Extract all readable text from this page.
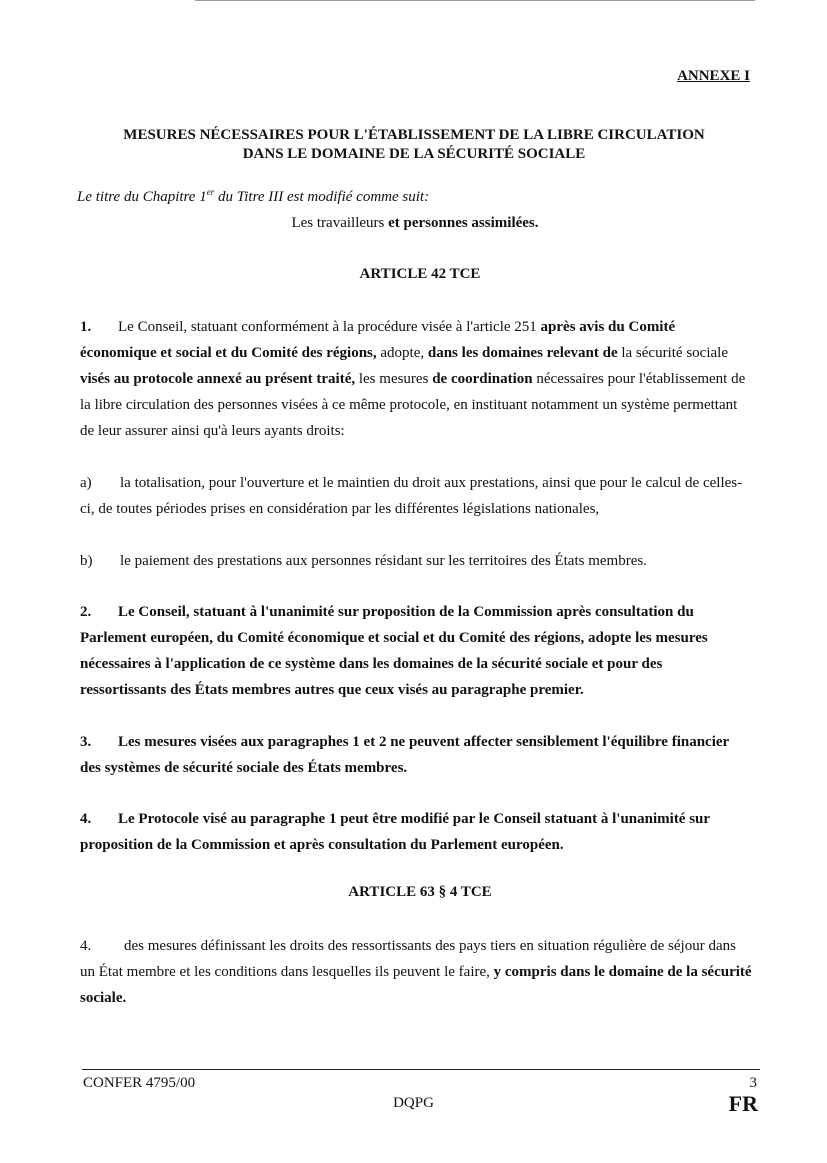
ANNEXE I
MESURES NÉCESSAIRES POUR L'ÉTABLISSEMENT DE LA LIBRE CIRCULATION
DANS LE DOMAINE DE LA SÉCURITÉ SOCIALE
Le titre du Chapitre 1er du Titre III est modifié comme suit:
Les travailleurs et personnes assimilées.
ARTICLE 42 TCE
1. Le Conseil, statuant conformément à la procédure visée à l'article 251 après avis du Comité économique et social et du Comité des régions, adopte, dans les domaines relevant de la sécurité sociale visés au protocole annexé au présent traité, les mesures de coordination nécessaires pour l'établissement de la libre circulation des personnes visées à ce même protocole, en instituant notamment un système permettant de leur assurer ainsi qu'à leurs ayants droits:
a) la totalisation, pour l'ouverture et le maintien du droit aux prestations, ainsi que pour le calcul de celles-ci, de toutes périodes prises en considération par les différentes législations nationales,
b) le paiement des prestations aux personnes résidant sur les territoires des États membres.
2. Le Conseil, statuant à l'unanimité sur proposition de la Commission après consultation du Parlement européen, du Comité économique et social et du Comité des régions, adopte les mesures nécessaires à l'application de ce système dans les domaines de la sécurité sociale et pour des ressortissants des États membres autres que ceux visés au paragraphe premier.
3. Les mesures visées aux paragraphes 1 et 2 ne peuvent affecter sensiblement l'équilibre financier des systèmes de sécurité sociale des États membres.
4. Le Protocole visé au paragraphe 1 peut être modifié par le Conseil statuant à l'unanimité sur proposition de la Commission et après consultation du Parlement européen.
ARTICLE 63 § 4 TCE
4. des mesures définissant les droits des ressortissants des pays tiers en situation régulière de séjour dans un État membre et les conditions dans lesquelles ils peuvent le faire, y compris dans le domaine de la sécurité sociale.
CONFER 4795/00	3
DQPG	FR
